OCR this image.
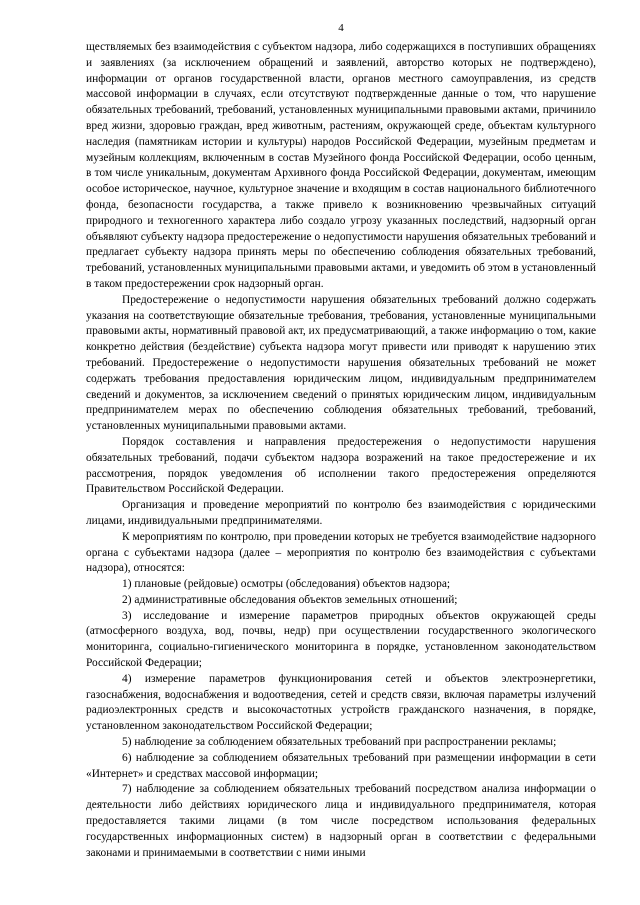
4

ществляемых без взаимодействия с субъектом надзора, либо содержащихся в поступивших обращениях и заявлениях (за исключением обращений и заявлений, авторство которых не подтверждено), информации от органов государственной власти, органов местного самоуправления, из средств массовой информации в случаях, если отсутствуют подтвержденные данные о том, что нарушение обязательных требований, требований, установленных муниципальными правовыми актами, причинило вред жизни, здоровью граждан, вред животным, растениям, окружающей среде, объектам культурного наследия (памятникам истории и культуры) народов Российской Федерации, музейным предметам и музейным коллекциям, включенным в состав Музейного фонда Российской Федерации, особо ценным, в том числе уникальным, документам Архивного фонда Российской Федерации, документам, имеющим особое историческое, научное, культурное значение и входящим в состав национального библиотечного фонда, безопасности государства, а также привело к возникновению чрезвычайных ситуаций природного и техногенного характера либо создало угрозу указанных последствий, надзорный орган объявляют субъекту надзора предостережение о недопустимости нарушения обязательных требований и предлагает субъекту надзора принять меры по обеспечению соблюдения обязательных требований, требований, установленных муниципальными правовыми актами, и уведомить об этом в установленный в таком предостережении срок надзорный орган.

Предостережение о недопустимости нарушения обязательных требований должно содержать указания на соответствующие обязательные требования, требования, установленные муниципальными правовыми акты, нормативный правовой акт, их предусматривающий, а также информацию о том, какие конкретно действия (бездействие) субъекта надзора могут привести или приводят к нарушению этих требований. Предостережение о недопустимости нарушения обязательных требований не может содержать требования предоставления юридическим лицом, индивидуальным предпринимателем сведений и документов, за исключением сведений о принятых юридическим лицом, индивидуальным предпринимателем мерах по обеспечению соблюдения обязательных требований, требований, установленных муниципальными правовыми актами.

Порядок составления и направления предостережения о недопустимости нарушения обязательных требований, подачи субъектом надзора возражений на такое предостережение и их рассмотрения, порядок уведомления об исполнении такого предостережения определяются Правительством Российской Федерации.

Организация и проведение мероприятий по контролю без взаимодействия с юридическими лицами, индивидуальными предпринимателями.

К мероприятиям по контролю, при проведении которых не требуется взаимодействие надзорного органа с субъектами надзора (далее – мероприятия по контролю без взаимодействия с субъектами надзора), относятся:

1) плановые (рейдовые) осмотры (обследования) объектов надзора;

2) административные обследования объектов земельных отношений;

3) исследование и измерение параметров природных объектов окружающей среды (атмосферного воздуха, вод, почвы, недр) при осуществлении государственного экологического мониторинга, социально-гигиенического мониторинга в порядке, установленном законодательством Российской Федерации;

4) измерение параметров функционирования сетей и объектов электроэнергетики, газоснабжения, водоснабжения и водоотведения, сетей и средств связи, включая параметры излучений радиоэлектронных средств и высокочастотных устройств гражданского назначения, в порядке, установленном законодательством Российской Федерации;

5) наблюдение за соблюдением обязательных требований при распространении рекламы;

6) наблюдение за соблюдением обязательных требований при размещении информации в сети «Интернет» и средствах массовой информации;

7) наблюдение за соблюдением обязательных требований посредством анализа информации о деятельности либо действиях юридического лица и индивидуального предпринимателя, которая предоставляется такими лицами (в том числе посредством использования федеральных государственных информационных систем) в надзорный орган в соответствии с федеральными законами и принимаемыми в соответствии с ними иными
